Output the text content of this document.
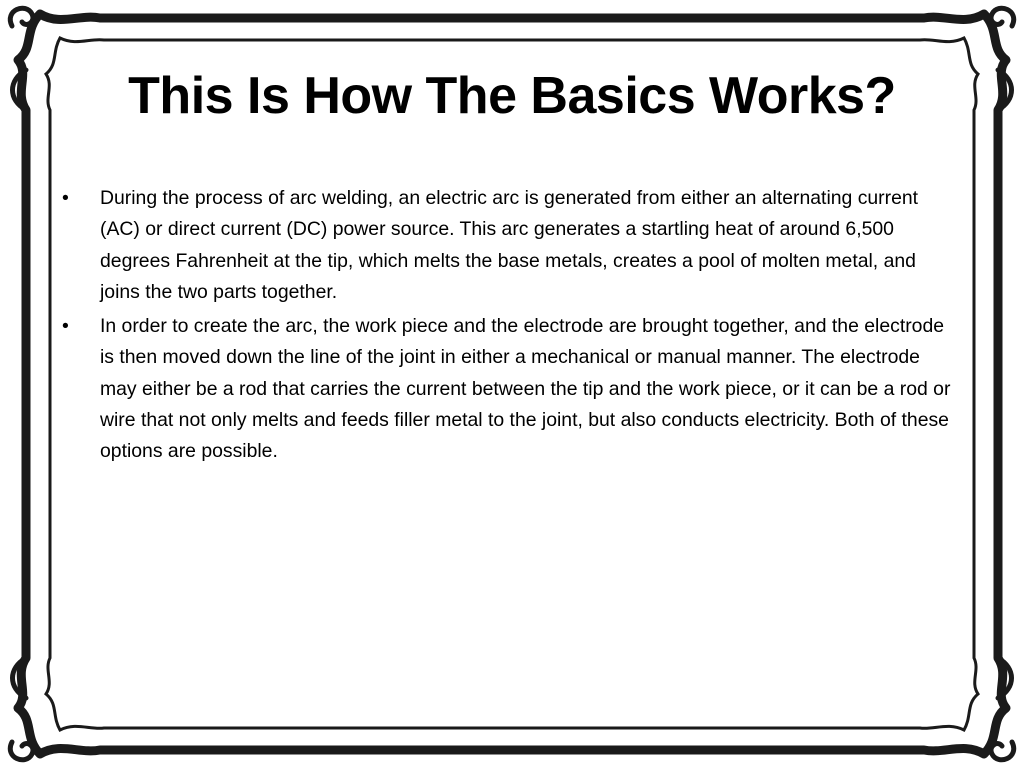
This Is How The Basics Works?
•	During the process of arc welding, an electric arc is generated from either an alternating current (AC) or direct current (DC) power source. This arc generates a startling heat of around 6,500 degrees Fahrenheit at the tip, which melts the base metals, creates a pool of molten metal, and joins the two parts together.
•	In order to create the arc, the work piece and the electrode are brought together, and the electrode is then moved down the line of the joint in either a mechanical or manual manner. The electrode may either be a rod that carries the current between the tip and the work piece, or it can be a rod or wire that not only melts and feeds filler metal to the joint, but also conducts electricity. Both of these options are possible.
